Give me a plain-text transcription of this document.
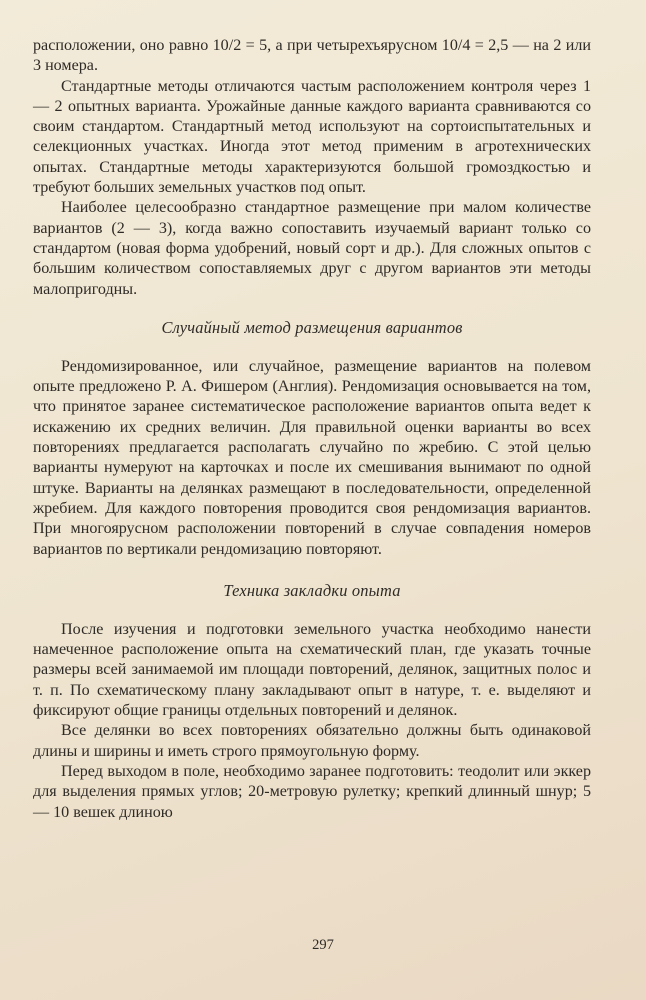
расположении, оно равно 10/2 = 5, а при четырехъярусном 10/4 = 2,5 — на 2 или 3 номера.

Стандартные методы отличаются частым расположением контроля через 1 — 2 опытных варианта. Урожайные данные каждого варианта сравниваются со своим стандартом. Стандартный метод используют на сортоиспытательных и селекционных участках. Иногда этот метод применим в агротехнических опытах. Стандартные методы характеризуются большой громоздкостью и требуют больших земельных участков под опыт.

Наиболее целесообразно стандартное размещение при малом количестве вариантов (2 — 3), когда важно сопоставить изучаемый вариант только со стандартом (новая форма удобрений, новый сорт и др.). Для сложных опытов с большим количеством сопоставляемых друг с другом вариантов эти методы малопригодны.

Случайный метод размещения вариантов

Рендомизированное, или случайное, размещение вариантов на полевом опыте предложено Р. А. Фишером (Англия). Рендомизация основывается на том, что принятое заранее систематическое расположение вариантов опыта ведет к искажению их средних величин. Для правильной оценки варианты во всех повторениях предлагается располагать случайно по жребию. С этой целью варианты нумеруют на карточках и после их смешивания вынимают по одной штуке. Варианты на делянках размещают в последовательности, определенной жребием. Для каждого повторения проводится своя рендомизация вариантов. При многоярусном расположении повторений в случае совпадения номеров вариантов по вертикали рендомизацию повторяют.

Техника закладки опыта

После изучения и подготовки земельного участка необходимо нанести намеченное расположение опыта на схематический план, где указать точные размеры всей занимаемой им площади повторений, делянок, защитных полос и т. п. По схематическому плану закладывают опыт в натуре, т. е. выделяют и фиксируют общие границы отдельных повторений и делянок.

Все делянки во всех повторениях обязательно должны быть одинаковой длины и ширины и иметь строго прямоугольную форму.

Перед выходом в поле, необходимо заранее подготовить: теодолит или эккер для выделения прямых углов; 20-метровую рулетку; крепкий длинный шнур; 5 — 10 вешек длиною

297
